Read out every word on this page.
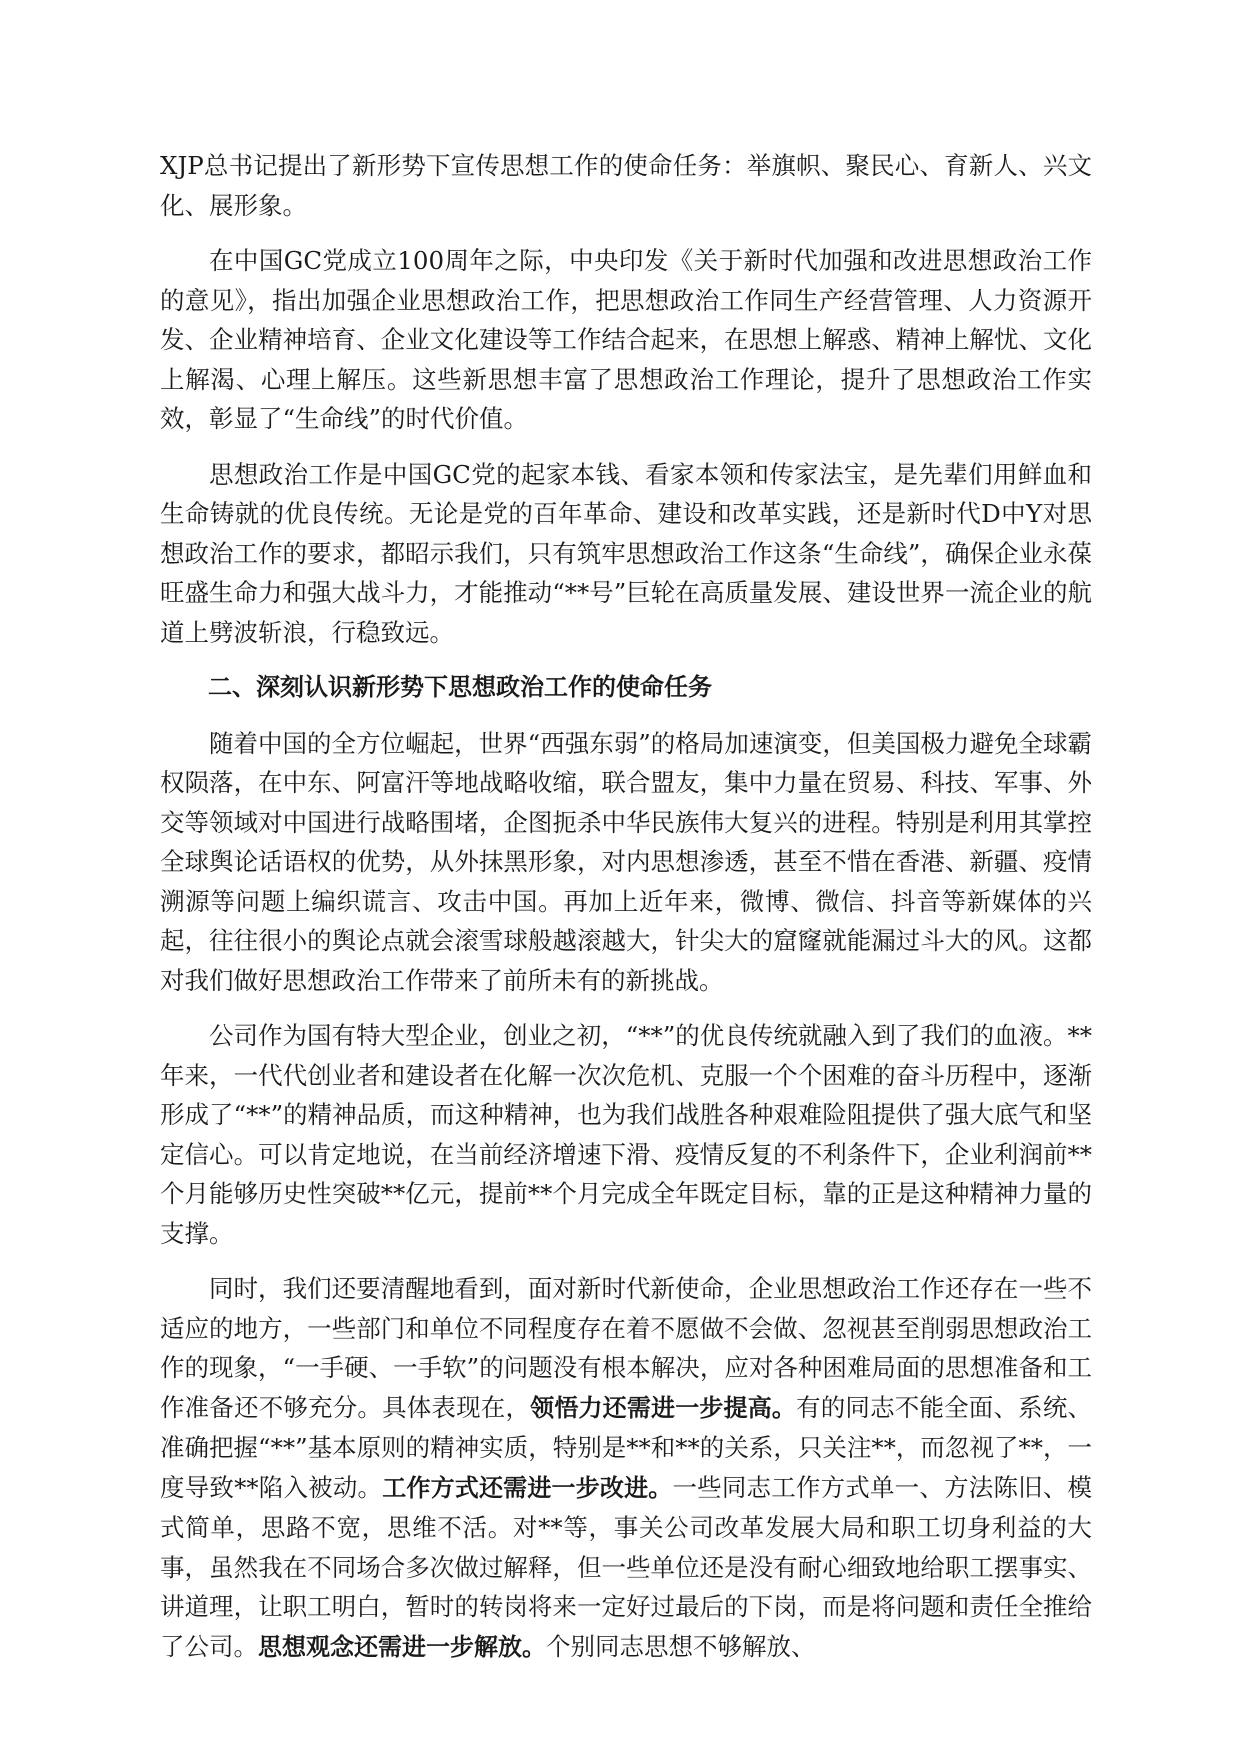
XJP总书记提出了新形势下宣传思想工作的使命任务：举旗帜、聚民心、育新人、兴文化、展形象。

在中国GC党成立100周年之际，中央印发《关于新时代加强和改进思想政治工作的意见》，指出加强企业思想政治工作，把思想政治工作同生产经营管理、人力资源开发、企业精神培育、企业文化建设等工作结合起来，在思想上解惑、精神上解忧、文化上解渴、心理上解压。这些新思想丰富了思想政治工作理论，提升了思想政治工作实效，彰显了“生命线”的时代价值。

思想政治工作是中国GC党的起家本钱、看家本领和传家法宝，是先辈们用鲜血和生命铸就的优良传统。无论是党的百年革命、建设和改革实践，还是新时代D中Y对思想政治工作的要求，都昭示我们，只有筑牢思想政治工作这条“生命线”，确保企业永葆旺盛生命力和强大战斗力，才能推动“**号”巨轮在高质量发展、建设世界一流企业的航道上劈波斩浪，行稳致远。

二、深刻认识新形势下思想政治工作的使命任务

随着中国的全方位崛起，世界“西强东弱”的格局加速演变，但美国极力避免全球霸权陨落，在中东、阿富汗等地战略收缩，联合盟友，集中力量在贸易、科技、军事、外交等领域对中国进行战略围堵，企图扼杀中华民族伟大复兴的进程。特别是利用其掌控全球舆论话语权的优势，从外抹黑形象，对内思想渗透，甚至不惜在香港、新疆、疫情溯源等问题上编织谎言、攻击中国。再加上近年来，微博、微信、抖音等新媒体的兴起，往往很小的舆论点就会滚雪球般越滚越大，针尖大的窟窿就能漏过斗大的风。这都对我们做好思想政治工作带来了前所未有的新挑战。

公司作为国有特大型企业，创业之初，“**”的优良传统就融入到了我们的血液。**年来，一代代创业者和建设者在化解一次次危机、克服一个个困难的奋斗历程中，逐渐形成了“**”的精神品质，而这种精神，也为我们战胜各种艰难险阻提供了强大底气和坚定信心。可以肯定地说，在当前经济增速下滑、疫情反复的不利条件下，企业利润前**个月能够历史性突破**亿元，提前**个月完成全年既定目标，靠的正是这种精神力量的支撑。

同时，我们还要清醒地看到，面对新时代新使命，企业思想政治工作还存在一些不适应的地方，一些部门和单位不同程度存在着不愿做不会做、忽视甚至削弱思想政治工作的现象，“一手硬、一手软”的问题没有根本解决，应对各种困难局面的思想准备和工作准备还不够充分。具体表现在，领悟力还需进一步提高。有的同志不能全面、系统、准确把握“**”基本原则的精神实质，特别是**和**的关系，只关注**，而忽视了**，一度导致**陷入被动。工作方式还需进一步改进。一些同志工作方式单一、方法陈旧、模式简单，思路不宽，思维不活。对**等，事关公司改革发展大局和职工切身利益的大事，虽然我在不同场合多次做过解释，但一些单位还是没有耐心细致地给职工摆事实、讲道理，让职工明白，暂时的转岗将来一定好过最后的下岗，而是将问题和责任全推给了公司。思想观念还需进一步解放。个别同志思想不够解放、
